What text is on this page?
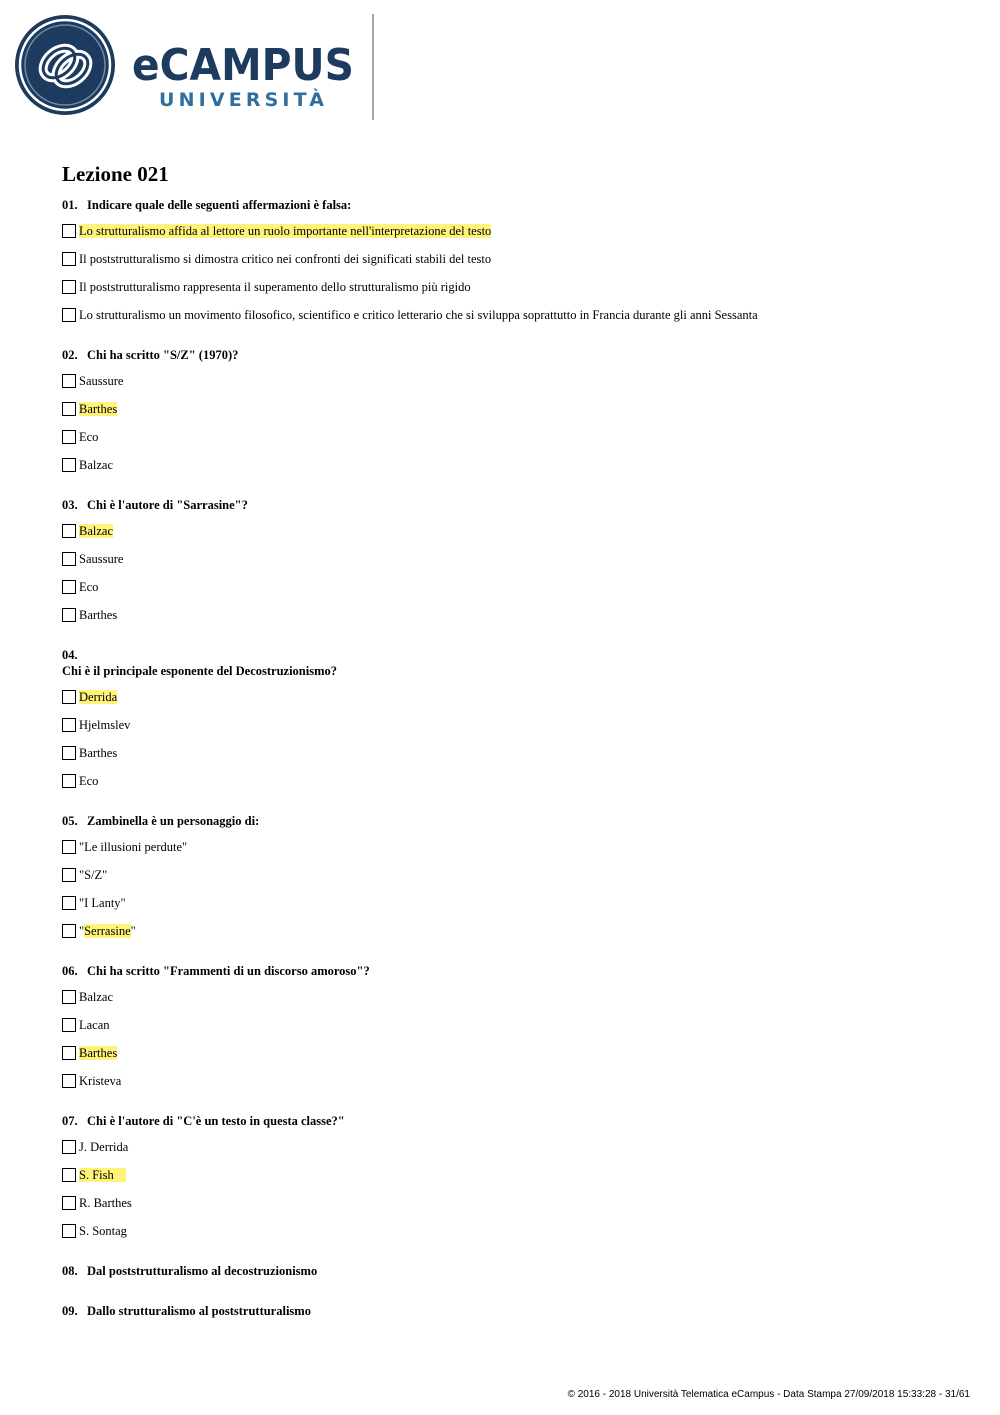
eCAMPUS
UNIVERSITÀ
Lezione 021
01. Indicare quale delle seguenti affermazioni è falsa:
Lo strutturalismo affida al lettore un ruolo importante nell'interpretazione del testo
Il poststrutturalismo si dimostra critico nei confronti dei significati stabili del testo
Il poststrutturalismo rappresenta il superamento dello strutturalismo più rigido
Lo strutturalismo un movimento filosofico, scientifico e critico letterario che si sviluppa soprattutto in Francia durante gli anni Sessanta
02. Chi ha scritto "S/Z" (1970)?
Saussure
Barthes
Eco
Balzac
03. Chi è l'autore di "Sarrasine"?
Balzac
Saussure
Eco
Barthes
04.
Chi è il principale esponente del Decostruzionismo?
Derrida
Hjelmslev
Barthes
Eco
05. Zambinella è un personaggio di:
"Le illusioni perdute"
"S/Z"
"I Lanty"
"Serrasine"
06. Chi ha scritto "Frammenti di un discorso amoroso"?
Balzac
Lacan
Barthes
Kristeva
07. Chi è l'autore di "C'è un testo in questa classe?"
J. Derrida
S. Fish
R. Barthes
S. Sontag
08. Dal poststrutturalismo al decostruzionismo
09. Dallo strutturalismo al poststrutturalismo
© 2016 - 2018 Università Telematica eCampus - Data Stampa 27/09/2018 15:33:28 - 31/61
